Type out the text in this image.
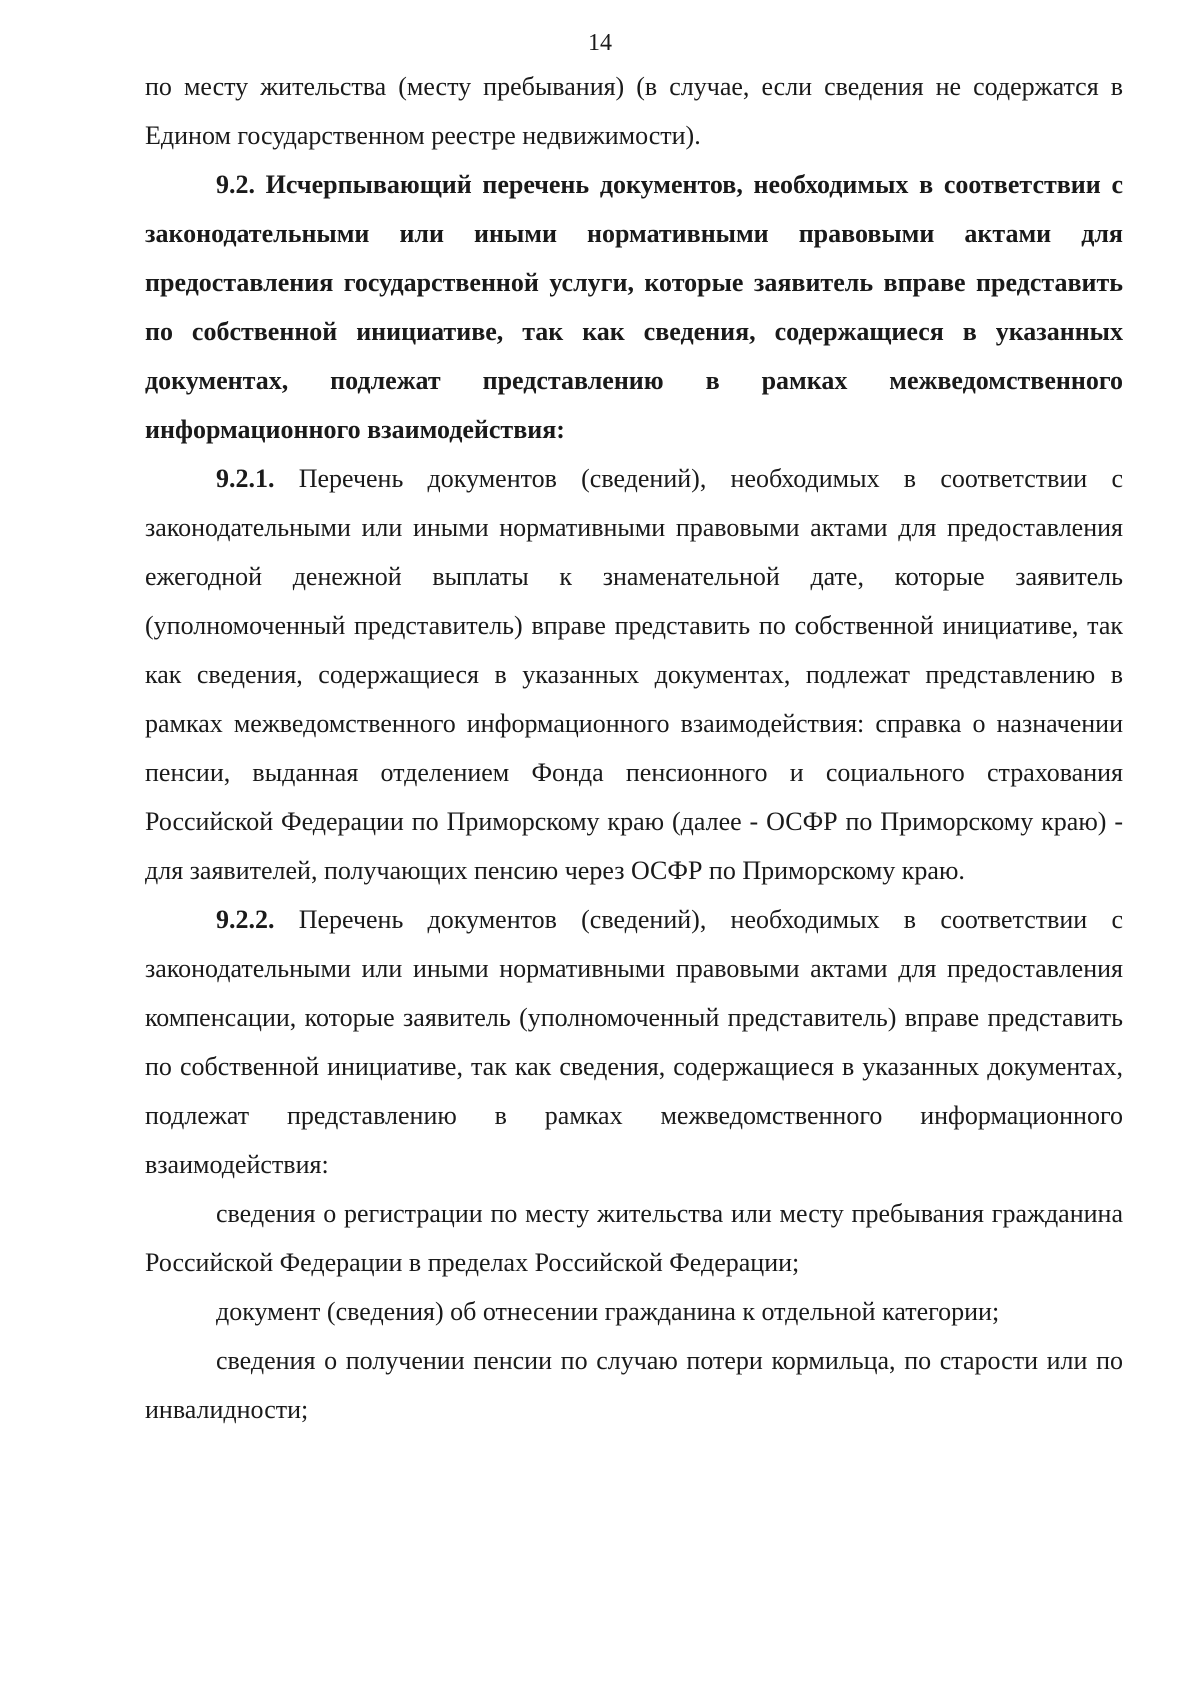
14

по месту жительства (месту пребывания) (в случае, если сведения не содержатся в Едином государственном реестре недвижимости).

9.2. Исчерпывающий перечень документов, необходимых в соответствии с законодательными или иными нормативными правовыми актами для предоставления государственной услуги, которые заявитель вправе представить по собственной инициативе, так как сведения, содержащиеся в указанных документах, подлежат представлению в рамках межведомственного информационного взаимодействия:

9.2.1. Перечень документов (сведений), необходимых в соответствии с законодательными или иными нормативными правовыми актами для предоставления ежегодной денежной выплаты к знаменательной дате, которые заявитель (уполномоченный представитель) вправе представить по собственной инициативе, так как сведения, содержащиеся в указанных документах, подлежат представлению в рамках межведомственного информационного взаимодействия: справка о назначении пенсии, выданная отделением Фонда пенсионного и социального страхования Российской Федерации по Приморскому краю (далее - ОСФР по Приморскому краю) - для заявителей, получающих пенсию через ОСФР по Приморскому краю.

9.2.2. Перечень документов (сведений), необходимых в соответствии с законодательными или иными нормативными правовыми актами для предоставления компенсации, которые заявитель (уполномоченный представитель) вправе представить по собственной инициативе, так как сведения, содержащиеся в указанных документах, подлежат представлению в рамках межведомственного информационного взаимодействия:

сведения о регистрации по месту жительства или месту пребывания гражданина Российской Федерации в пределах Российской Федерации;

документ (сведения) об отнесении гражданина к отдельной категории;

сведения о получении пенсии по случаю потери кормильца, по старости или по инвалидности;
